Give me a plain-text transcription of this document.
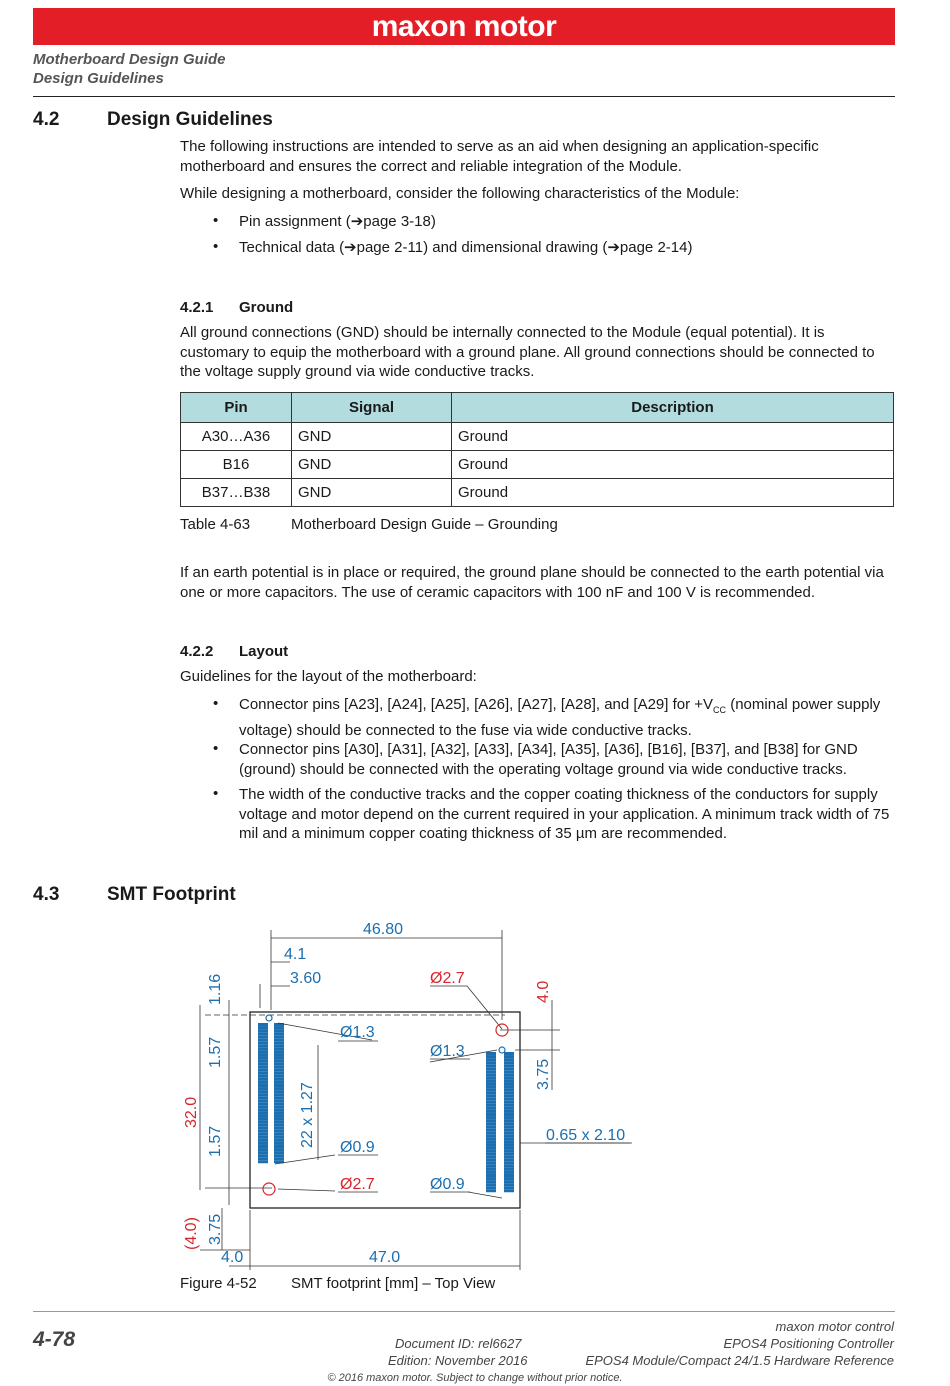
maxon motor
Motherboard Design Guide
Design Guidelines
4.2	Design Guidelines
The following instructions are intended to serve as an aid when designing an application-specific motherboard and ensures the correct and reliable integration of the Module.
While designing a motherboard, consider the following characteristics of the Module:
• Pin assignment (➔page 3-18)
• Technical data (➔page 2-11) and dimensional drawing (➔page 2-14)
4.2.1 Ground
All ground connections (GND) should be internally connected to the Module (equal potential). It is customary to equip the motherboard with a ground plane. All ground connections should be connected to the voltage supply ground via wide conductive tracks.
Pin	Signal	Description
A30…A36	GND	Ground
B16	GND	Ground
B37…B38	GND	Ground
Table 4-63	Motherboard Design Guide – Grounding
If an earth potential is in place or required, the ground plane should be connected to the earth potential via one or more capacitors. The use of ceramic capacitors with 100 nF and 100 V is recommended.
4.2.2 Layout
Guidelines for the layout of the motherboard:
• Connector pins [A23], [A24], [A25], [A26], [A27], [A28], and [A29] for $+V_{CC}$ (nominal power supply voltage) should be connected to the fuse via wide conductive tracks.
• Connector pins [A30], [A31], [A32], [A33], [A34], [A35], [A36], [B16], [B37], and [B38] for GND (ground) should be connected with the operating voltage ground via wide conductive tracks.
• The width of the conductive tracks and the copper coating thickness of the conductors for supply voltage and motor depend on the current required in your application. A minimum track width of 75 mil and a minimum copper coating thickness of 35 µm are recommended.
4.3	SMT Footprint
46.80
4.1
3.60
Ø1.3
Ø1.3
Ø0.9
Ø0.9
0.65 x 2.10
4.0	47.0
1.16
1.57
1.57	22 x 1.27
3.75
3.75
Ø2.7
Ø2.7
4.0
32.0
(4.0)
Figure 4-52 SMT footprint [mm] – Top View
4-78	Document ID: rel6627
Edition: November 2016
maxon motor control
EPOS4 Positioning Controller
EPOS4 Module/Compact 24/1.5 Hardware Reference
© 2016 maxon motor. Subject to change without prior notice.
